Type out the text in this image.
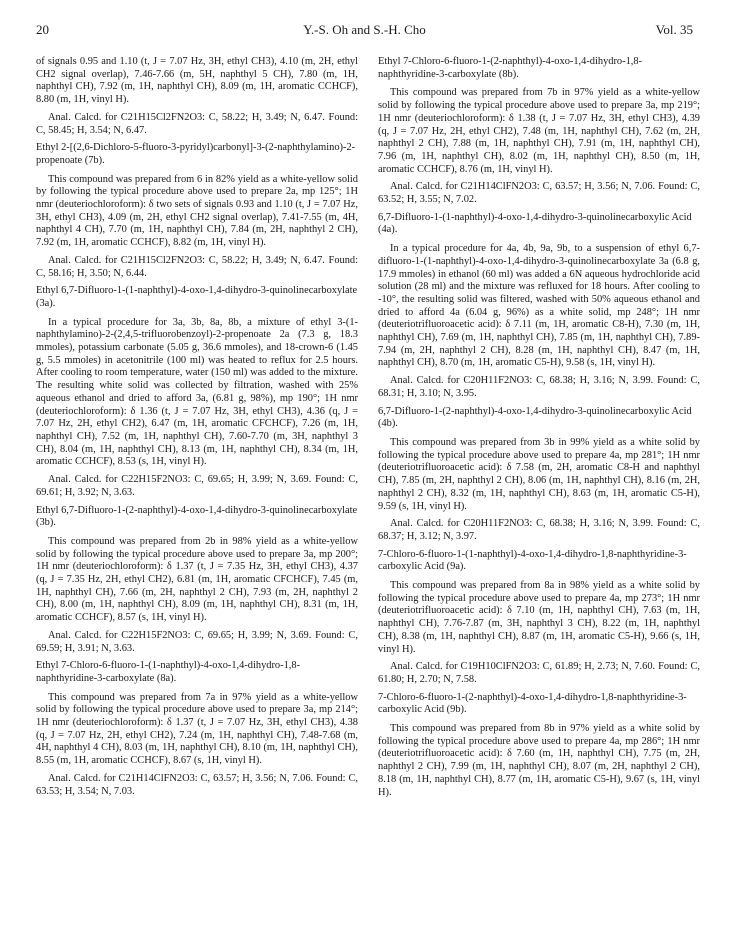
20	Y.-S. Oh and S.-H. Cho	Vol. 35

of signals 0.95 and 1.10 (t, J = 7.07 Hz, 3H, ethyl CH3), 4.10 (m, 2H, ethyl CH2 signal overlap), 7.46-7.66 (m, 5H, naphthyl 5 CH), 7.80 (m, 1H, naphthyl CH), 7.92 (m, 1H, naphthyl CH), 8.09 (m, 1H, aromatic CCHCF), 8.80 (m, 1H, vinyl H).

Anal. Calcd. for C21H15Cl2FN2O3: C, 58.22; H, 3.49; N, 6.47. Found: C, 58.45; H, 3.54; N, 6.47.

Ethyl 2-[(2,6-Dichloro-5-fluoro-3-pyridyl)carbonyl]-3-(2-naphthylamino)-2-propenoate (7b).

This compound was prepared from 6 in 82% yield as a white-yellow solid by following the typical procedure above used to prepare 2a, mp 125°; 1H nmr (deuteriochloroform): δ two sets of signals 0.93 and 1.10 (t, J = 7.07 Hz, 3H, ethyl CH3), 4.09 (m, 2H, ethyl CH2 signal overlap), 7.41-7.55 (m, 4H, naphthyl 4 CH), 7.70 (m, 1H, naphthyl CH), 7.84 (m, 2H, naphthyl 2 CH), 7.92 (m, 1H, aromatic CCHCF), 8.82 (m, 1H, vinyl H).

Anal. Calcd. for C21H15Cl2FN2O3: C, 58.22; H, 3.49; N, 6.47. Found: C, 58.16; H, 3.50; N, 6.44.

Ethyl 6,7-Difluoro-1-(1-naphthyl)-4-oxo-1,4-dihydro-3-quinolinecarboxylate (3a).

In a typical procedure for 3a, 3b, 8a, 8b, a mixture of ethyl 3-(1-naphthylamino)-2-(2,4,5-trifluorobenzoyl)-2-propenoate 2a (7.3 g, 18.3 mmoles), potassium carbonate (5.05 g, 36.6 mmoles), and 18-crown-6 (1.45 g, 5.5 mmoles) in acetonitrile (100 ml) was heated to reflux for 2.5 hours. After cooling to room temperature, water (150 ml) was added to the mixture. The resulting white solid was collected by filtration, washed with 25% aqueous ethanol and dried to afford 3a, (6.81 g, 98%), mp 190°; 1H nmr (deuteriochloroform): δ 1.36 (t, J = 7.07 Hz, 3H, ethyl CH3), 4.36 (q, J = 7.07 Hz, 2H, ethyl CH2), 6.47 (m, 1H, aromatic CFCHCF), 7.26 (m, 1H, naphthyl CH), 7.52 (m, 1H, naphthyl CH), 7.60-7.70 (m, 3H, naphthyl 3 CH), 8.04 (m, 1H, naphthyl CH), 8.13 (m, 1H, naphthyl CH), 8.34 (m, 1H, aromatic CCHCF), 8.53 (s, 1H, vinyl H).

Anal. Calcd. for C22H15F2NO3: C, 69.65; H, 3.99; N, 3.69. Found: C, 69.61; H, 3.92; N, 3.63.

Ethyl 6,7-Difluoro-1-(2-naphthyl)-4-oxo-1,4-dihydro-3-quinolinecarboxylate (3b).

This compound was prepared from 2b in 98% yield as a white-yellow solid by following the typical procedure above used to prepare 3a, mp 200°; 1H nmr (deuteriochloroform): δ 1.37 (t, J = 7.35 Hz, 3H, ethyl CH3), 4.37 (q, J = 7.35 Hz, 2H, ethyl CH2), 6.81 (m, 1H, aromatic CFCHCF), 7.45 (m, 1H, naphthyl CH), 7.66 (m, 2H, naphthyl 2 CH), 7.93 (m, 2H, naphthyl 2 CH), 8.00 (m, 1H, naphthyl CH), 8.09 (m, 1H, naphthyl CH), 8.31 (m, 1H, aromatic CCHCF), 8.57 (s, 1H, vinyl H).

Anal. Calcd. for C22H15F2NO3: C, 69.65; H, 3.99; N, 3.69. Found: C, 69.59; H, 3.91; N, 3.63.

Ethyl 7-Chloro-6-fluoro-1-(1-naphthyl)-4-oxo-1,4-dihydro-1,8-naphthyridine-3-carboxylate (8a).

This compound was prepared from 7a in 97% yield as a white-yellow solid by following the typical procedure above used to prepare 3a, mp 214°; 1H nmr (deuteriochloroform): δ 1.37 (t, J = 7.07 Hz, 3H, ethyl CH3), 4.38 (q, J = 7.07 Hz, 2H, ethyl CH2), 7.24 (m, 1H, naphthyl CH), 7.48-7.68 (m, 4H, naphthyl 4 CH), 8.03 (m, 1H, naphthyl CH), 8.10 (m, 1H, naphthyl CH), 8.55 (m, 1H, aromatic CCHCF), 8.67 (s, 1H, vinyl H).

Anal. Calcd. for C21H14ClFN2O3: C, 63.57; H, 3.56; N, 7.06. Found: C, 63.53; H, 3.54; N, 7.03.

Ethyl 7-Chloro-6-fluoro-1-(2-naphthyl)-4-oxo-1,4-dihydro-1,8-naphthyridine-3-carboxylate (8b).

This compound was prepared from 7b in 97% yield as a white-yellow solid by following the typical procedure above used to prepare 3a, mp 219°; 1H nmr (deuteriochloroform): δ 1.38 (t, J = 7.07 Hz, 3H, ethyl CH3), 4.39 (q, J = 7.07 Hz, 2H, ethyl CH2), 7.48 (m, 1H, naphthyl CH), 7.62 (m, 2H, naphthyl 2 CH), 7.88 (m, 1H, naphthyl CH), 7.91 (m, 1H, naphthyl CH), 7.96 (m, 1H, naphthyl CH), 8.02 (m, 1H, naphthyl CH), 8.50 (m, 1H, aromatic CCHCF), 8.76 (m, 1H, vinyl H).

Anal. Calcd. for C21H14ClFN2O3: C, 63.57; H, 3.56; N, 7.06. Found: C, 63.52; H, 3.55; N, 7.02.

6,7-Difluoro-1-(1-naphthyl)-4-oxo-1,4-dihydro-3-quinolinecarboxylic Acid (4a).

In a typical procedure for 4a, 4b, 9a, 9b, to a suspension of ethyl 6,7-difluoro-1-(1-naphthyl)-4-oxo-1,4-dihydro-3-quinolinecarboxylate 3a (6.8 g, 17.9 mmoles) in ethanol (60 ml) was added a 6N aqueous hydrochloride acid solution (28 ml) and the mixture was refluxed for 18 hours. After cooling to -10°, the resulting solid was filtered, washed with 50% aqueous ethanol and dried to afford 4a (6.04 g, 96%) as a white solid, mp 248°; 1H nmr (deuteriotrifluoroacetic acid): δ 7.11 (m, 1H, aromatic C8-H), 7.30 (m, 1H, naphthyl CH), 7.69 (m, 1H, naphthyl CH), 7.85 (m, 1H, naphthyl CH), 7.89-7.94 (m, 2H, naphthyl 2 CH), 8.28 (m, 1H, naphthyl CH), 8.47 (m, 1H, naphthyl CH), 8.70 (m, 1H, aromatic C5-H), 9.58 (s, 1H, vinyl H).

Anal. Calcd. for C20H11F2NO3: C, 68.38; H, 3.16; N, 3.99. Found: C, 68.31; H, 3.10; N, 3.95.

6,7-Difluoro-1-(2-naphthyl)-4-oxo-1,4-dihydro-3-quinolinecarboxylic Acid (4b).

This compound was prepared from 3b in 99% yield as a white solid by following the typical procedure above used to prepare 4a, mp 281°; 1H nmr (deuteriotrifluoroacetic acid): δ 7.58 (m, 2H, aromatic C8-H and naphthyl CH), 7.85 (m, 2H, naphthyl 2 CH), 8.06 (m, 1H, naphthyl CH), 8.16 (m, 2H, naphthyl 2 CH), 8.32 (m, 1H, naphthyl CH), 8.63 (m, 1H, aromatic C5-H), 9.59 (s, 1H, vinyl H).

Anal. Calcd. for C20H11F2NO3: C, 68.38; H, 3.16; N, 3.99. Found: C, 68.37; H, 3.12; N, 3.97.

7-Chloro-6-fluoro-1-(1-naphthyl)-4-oxo-1,4-dihydro-1,8-naphthyridine-3-carboxylic Acid (9a).

This compound was prepared from 8a in 98% yield as a white solid by following the typical procedure above used to prepare 4a, mp 273°; 1H nmr (deuteriotrifluoroacetic acid): δ 7.10 (m, 1H, naphthyl CH), 7.63 (m, 1H, naphthyl CH), 7.76-7.87 (m, 3H, naphthyl 3 CH), 8.22 (m, 1H, naphthyl CH), 8.38 (m, 1H, naphthyl CH), 8.87 (m, 1H, aromatic C5-H), 9.66 (s, 1H, vinyl H).

Anal. Calcd. for C19H10ClFN2O3: C, 61.89; H, 2.73; N, 7.60. Found: C, 61.80; H, 2.70; N, 7.58.

7-Chloro-6-fluoro-1-(2-naphthyl)-4-oxo-1,4-dihydro-1,8-naphthyridine-3-carboxylic Acid (9b).

This compound was prepared from 8b in 97% yield as a white solid by following the typical procedure above used to prepare 4a, mp 286°; 1H nmr (deuteriotrifluoroacetic acid): δ 7.60 (m, 1H, naphthyl CH), 7.75 (m, 2H, naphthyl 2 CH), 7.99 (m, 1H, naphthyl CH), 8.07 (m, 2H, naphthyl 2 CH), 8.18 (m, 1H, naphthyl CH), 8.77 (m, 1H, aromatic C5-H), 9.67 (s, 1H, vinyl H).
